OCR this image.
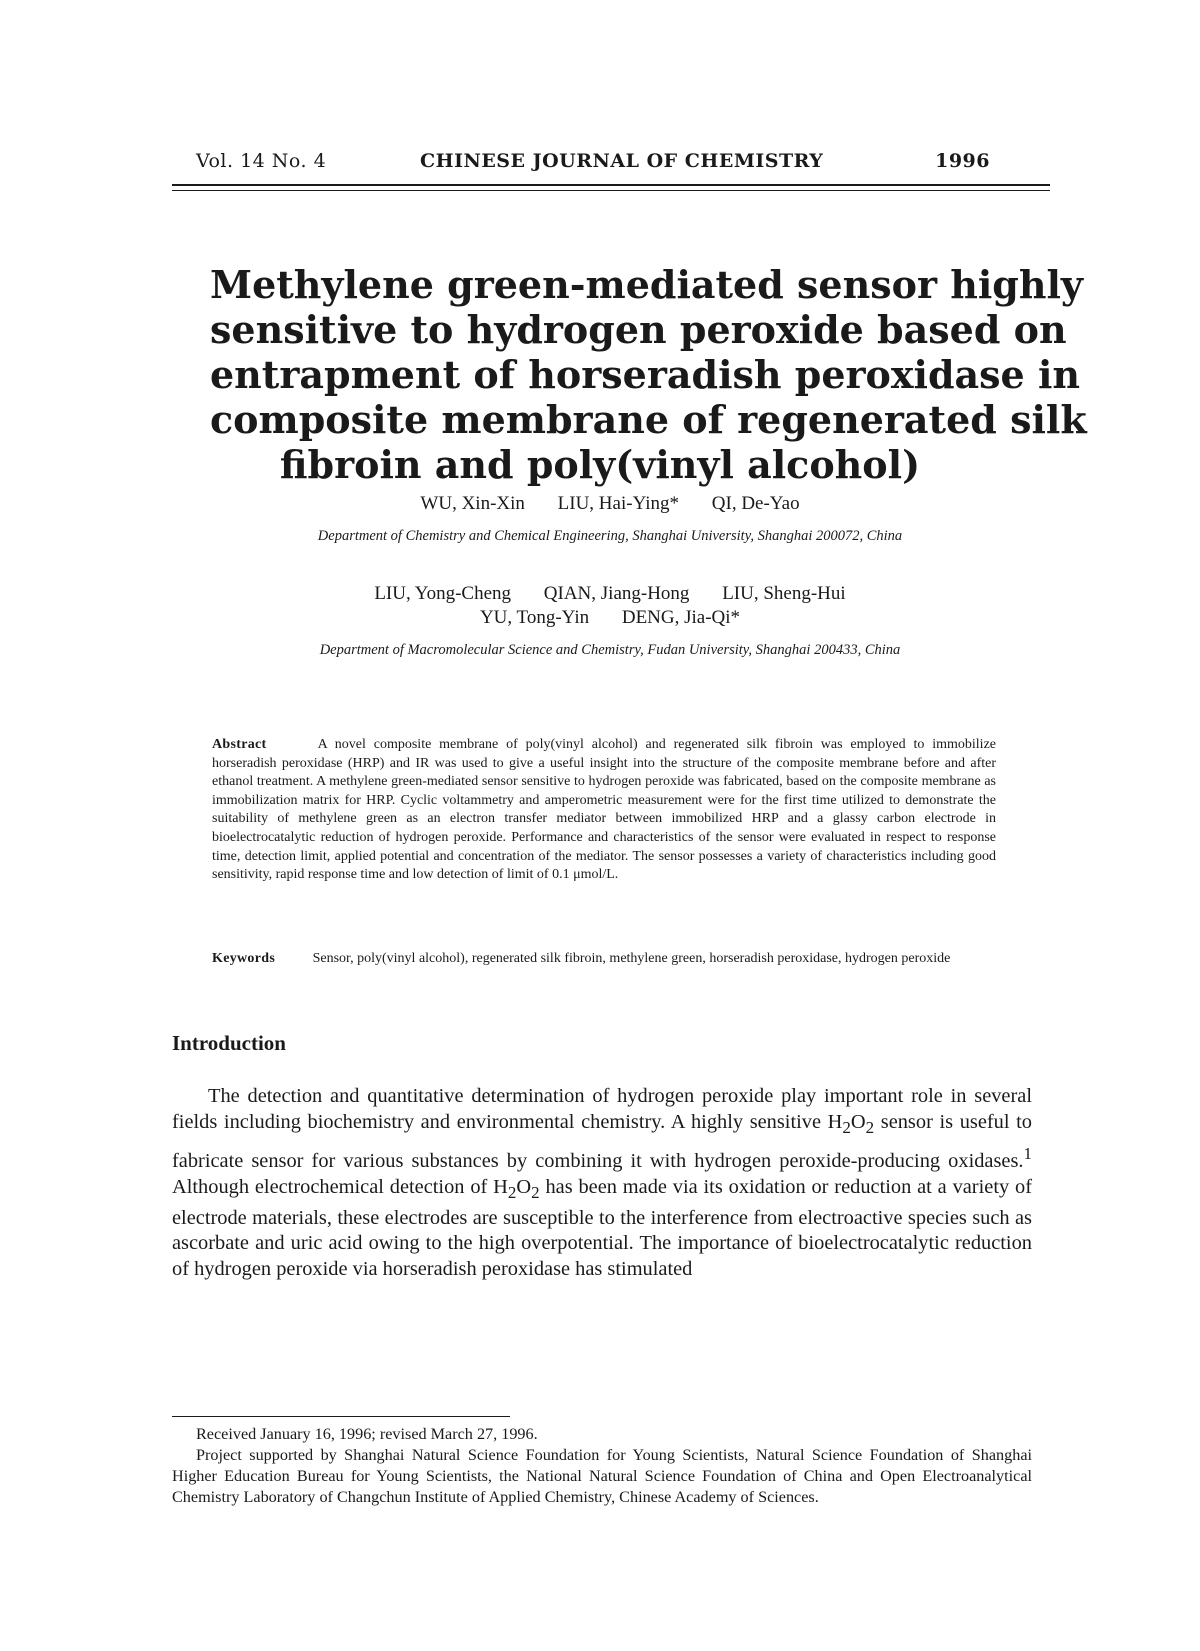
Vol. 14 No. 4	CHINESE JOURNAL OF CHEMISTRY	1996
Methylene green-mediated sensor highly
sensitive to hydrogen peroxide based on
entrapment of horseradish peroxidase in
composite membrane of regenerated silk
fibroin and poly(vinyl alcohol)
WU, Xin-Xin LIU, Hai-Ying* QI, De-Yao
Department of Chemistry and Chemical Engineering, Shanghai University, Shanghai 200072, China
LIU, Yong-Cheng QIAN, Jiang-Hong LIU, Sheng-Hui
YU, Tong-Yin DENG, Jia-Qi*
Department of Macromolecular Science and Chemistry, Fudan University, Shanghai 200433, China

Abstract	A novel composite membrane of poly(vinyl alcohol) and regenerated silk fibroin was employed to immobilize horseradish peroxidase (HRP) and IR was used to give a useful insight into the structure of the composite membrane before and after ethanol treatment. A methylene green-mediated sensor sensitive to hydrogen peroxide was fabricated, based on the composite membrane as immobilization matrix for HRP. Cyclic voltammetry and amperometric measurement were for the first time utilized to demonstrate the suitability of methylene green as an electron transfer mediator between immobilized HRP and a glassy carbon electrode in bioelectrocatalytic reduction of hydrogen peroxide. Performance and characteristics of the sensor were evaluated in respect to response time, detection limit, applied potential and concentration of the mediator. The sensor possesses a variety of characteristics including good sensitivity, rapid response time and low detection of limit of 0.1 μmol/L.

Keywords	Sensor, poly(vinyl alcohol), regenerated silk fibroin, methylene green, horseradish peroxidase, hydrogen peroxide

Introduction

The detection and quantitative determination of hydrogen peroxide play important role in several fields including biochemistry and environmental chemistry. A highly sensitive $H_2O_2$ sensor is useful to fabricate sensor for various substances by combining it with hydrogen peroxide-producing oxidases.$^1$ Although electrochemical detection of $H_2O_2$ has been made via its oxidation or reduction at a variety of electrode materials, these electrodes are susceptible to the interference from electroactive species such as ascorbate and uric acid owing to the high overpotential. The importance of bioelectrocatalytic reduction of hydrogen peroxide via horseradish peroxidase has stimulated

Received January 16, 1996; revised March 27, 1996.

Project supported by Shanghai Natural Science Foundation for Young Scientists, Natural Science Foundation of Shanghai Higher Education Bureau for Young Scientists, the National Natural Science Foundation of China and Open Electroanalytical Chemistry Laboratory of Changchun Institute of Applied Chemistry, Chinese Academy of Sciences.
